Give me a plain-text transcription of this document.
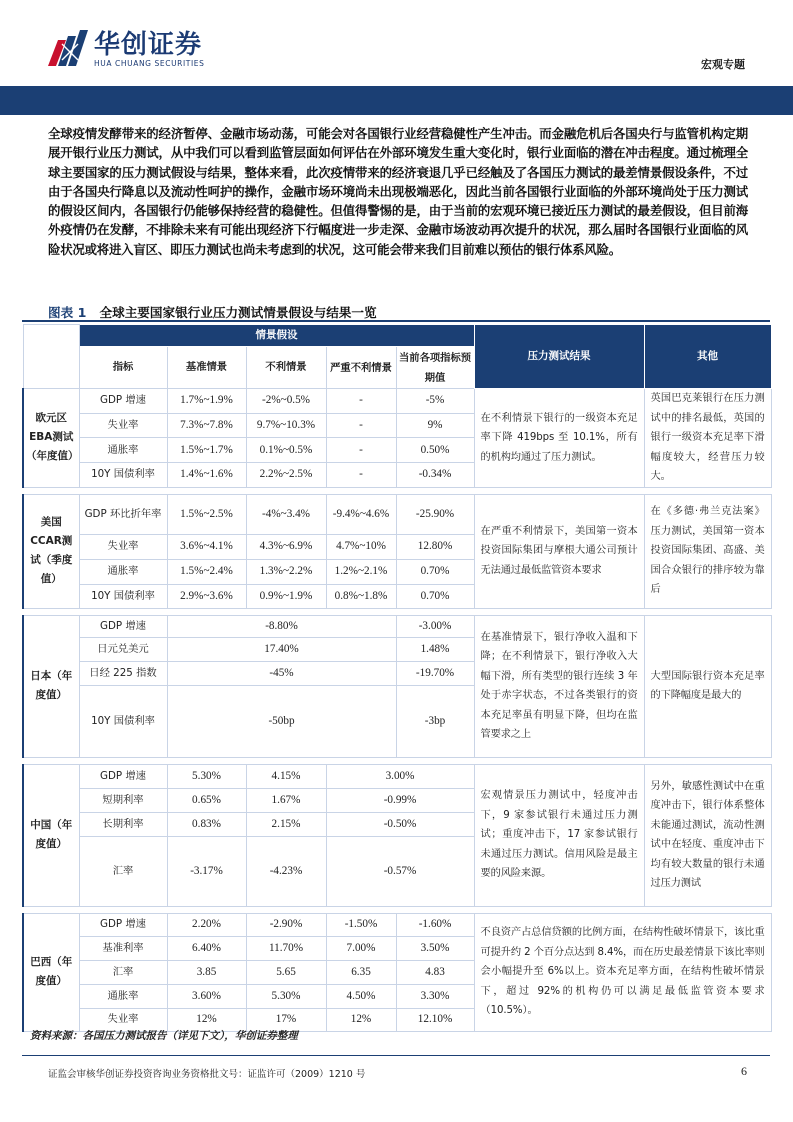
华创证券
HUA CHUANG SECURITIES	宏观专题
全球疫情发酵带来的经济暂停、金融市场动荡，可能会对各国银行业经营稳健性产生冲击。而金融危机后各国央行与监管机构定期展开银行业压力测试，从中我们可以看到监管层面如何评估在外部环境发生重大变化时，银行业面临的潜在冲击程度。通过梳理全球主要国家的压力测试假设与结果，整体来看，此次疫情带来的经济衰退几乎已经触及了各国压力测试的最差情景假设条件，不过由于各国央行降息以及流动性呵护的操作，金融市场环境尚未出现极端恶化，因此当前各国银行业面临的外部环境尚处于压力测试的假设区间内，各国银行仍能够保持经营的稳健性。但值得警惕的是，由于当前的宏观环境已接近压力测试的最差假设，但目前海外疫情仍在发酵，不排除未来有可能出现经济下行幅度进一步走深、金融市场波动再次提升的状况，那么届时各国银行业面临的风险状况或将进入盲区、即压力测试也尚未考虑到的状况，这可能会带来我们目前难以预估的银行体系风险。
图表 1 全球主要国家银行业压力测试情景假设与结果一览
	情景假设					压力测试结果	其他
	指标	基准情景	不利情景	严重不利情景	当前各项指标预期值		
欧元区EBA测试（年度值）	GDP 增速	1.7%~1.9%	-2%~0.5%	-	-5%	在不利情景下银行的一级资本充足率下降 419bps 至 10.1%，所有的机构均通过了压力测试。	英国巴克莱银行在压力测试中的排名最低，英国的银行一级资本充足率下滑幅度较大，经营压力较大。
	失业率	7.3%~7.8%	9.7%~10.3%	-	9%		
	通胀率	1.5%~1.7%	0.1%~0.5%	-	0.50%		
	10Y 国债利率	1.4%~1.6%	2.2%~2.5%	-	-0.34%		

美国CCAR测试（季度值）	GDP 环比折年率	1.5%~2.5%	-4%~3.4%	-9.4%~4.6%	-25.90%	在严重不利情景下，美国第一资本投资国际集团与摩根大通公司预计无法通过最低监管资本要求	在《多德·弗兰克法案》压力测试，美国第一资本投资国际集团、高盛、美国合众银行的排序较为靠后
	失业率	3.6%~4.1%	4.3%~6.9%	4.7%~10%	12.80%		
	通胀率	1.5%~2.4%	1.3%~2.2%	1.2%~2.1%	0.70%		
	10Y 国债利率	2.9%~3.6%	0.9%~1.9%	0.8%~1.8%	0.70%		

日本（年度值）	GDP 增速	-8.80%			-3.00%	在基准情景下，银行净收入温和下降；在不利情景下，银行净收入大幅下滑，所有类型的银行连续 3 年处于赤字状态，不过各类银行的资本充足率虽有明显下降，但均在监管要求之上	大型国际银行资本充足率的下降幅度是最大的
	日元兑美元	17.40%			1.48%		
	日经 225 指数	-45%			-19.70%		
	10Y 国债利率	-50bp			-3bp		

中国（年度值）	GDP 增速	5.30%	4.15%	3.00%		宏观情景压力测试中，轻度冲击下，9 家参试银行未通过压力测试；重度冲击下，17 家参试银行未通过压力测试。信用风险是最主要的风险来源。	另外，敏感性测试中在重度冲击下，银行体系整体未能通过测试，流动性测试中在轻度、重度冲击下均有较大数量的银行未通过压力测试
	短期利率	0.65%	1.67%	-0.99%			
	长期利率	0.83%	2.15%	-0.50%			
	汇率	-3.17%	-4.23%	-0.57%			

巴西（年度值）	GDP 增速	2.20%	-2.90%	-1.50%	-1.60%	不良资产占总信贷额的比例方面，在结构性破坏情景下，该比重可提升约 2 个百分点达到 8.4%，而在历史最差情景下该比率则会小幅提升至 6%以上。资本充足率方面，在结构性破坏情景下，超过 92%的机构仍可以满足最低监管资本要求（10.5%）。	
	基准利率	6.40%	11.70%	7.00%	3.50%		
	汇率	3.85	5.65	6.35	4.83		
	通胀率	3.60%	5.30%	4.50%	3.30%		
	失业率	12%	17%	12%	12.10%		
资料来源：各国压力测试报告（详见下文），华创证券整理
证监会审核华创证券投资咨询业务资格批文号：证监许可（2009）1210 号	6
